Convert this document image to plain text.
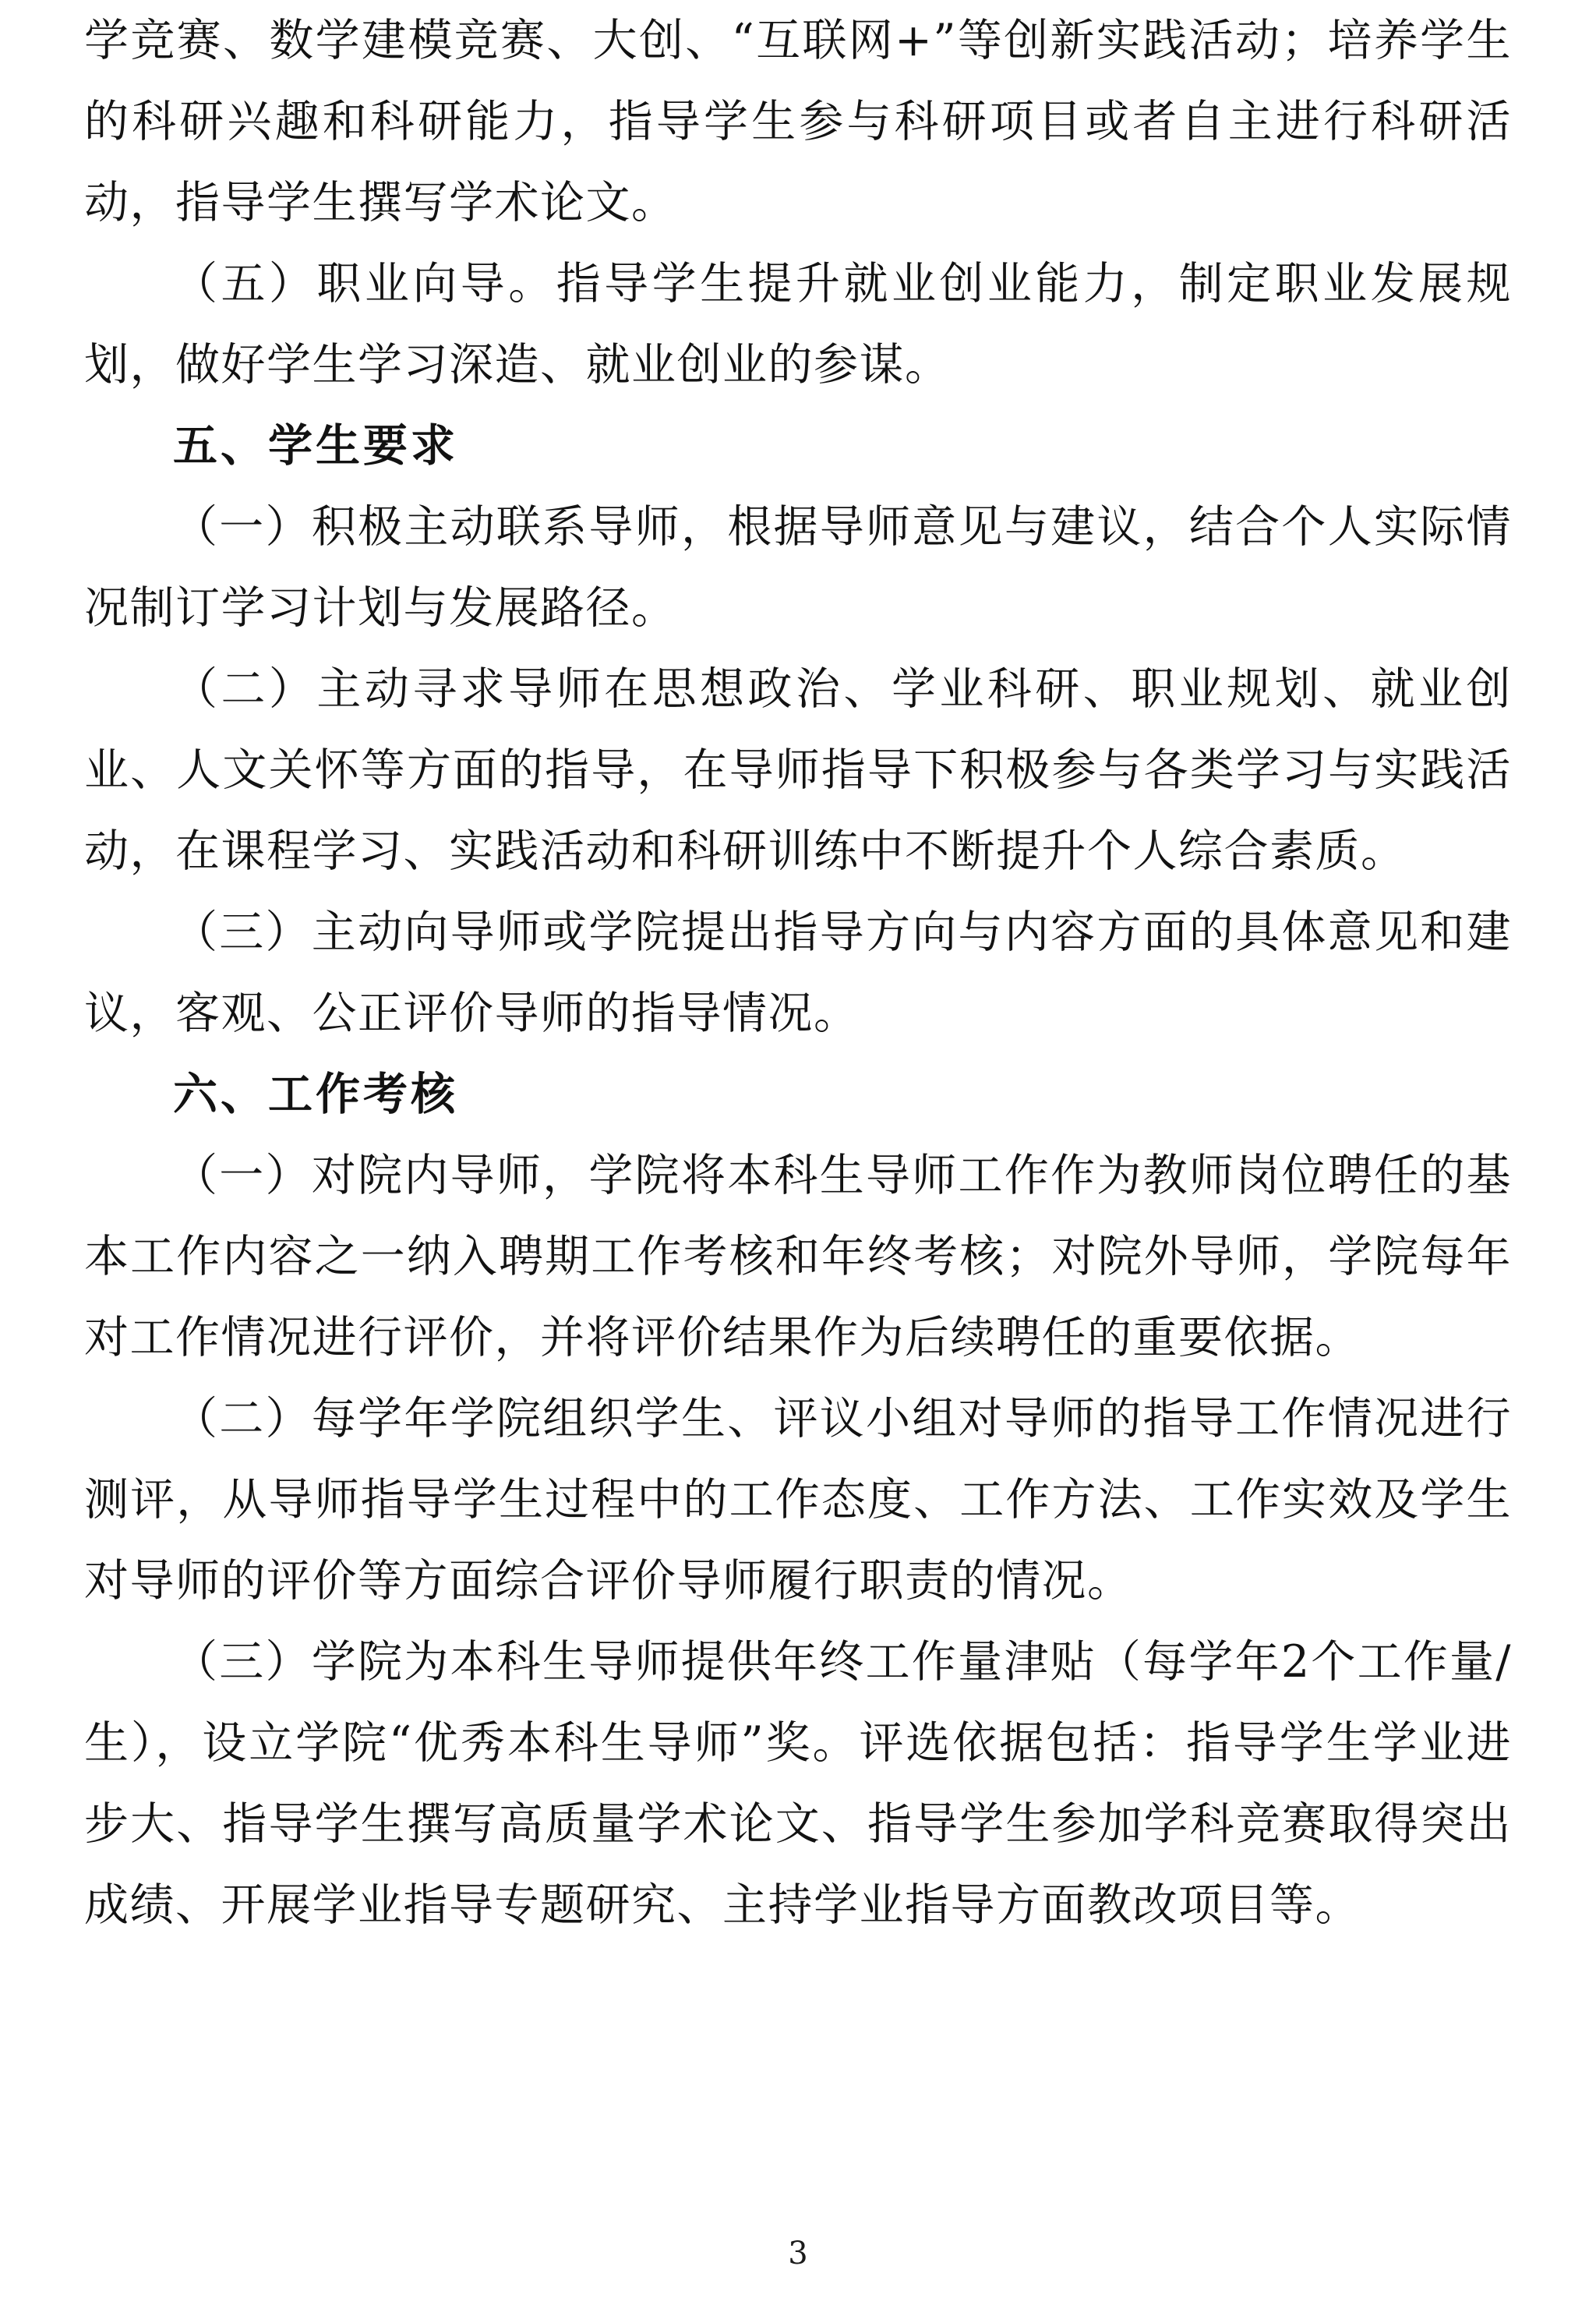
学竞赛、数学建模竞赛、大创、“互联网+”等创新实践活动；培养学生的科研兴趣和科研能力，指导学生参与科研项目或者自主进行科研活动，指导学生撰写学术论文。

（五）职业向导。指导学生提升就业创业能力，制定职业发展规划，做好学生学习深造、就业创业的参谋。

五、学生要求

（一）积极主动联系导师，根据导师意见与建议，结合个人实际情况制订学习计划与发展路径。

（二）主动寻求导师在思想政治、学业科研、职业规划、就业创业、人文关怀等方面的指导，在导师指导下积极参与各类学习与实践活动，在课程学习、实践活动和科研训练中不断提升个人综合素质。

（三）主动向导师或学院提出指导方向与内容方面的具体意见和建议，客观、公正评价导师的指导情况。

六、工作考核

（一）对院内导师，学院将本科生导师工作作为教师岗位聘任的基本工作内容之一纳入聘期工作考核和年终考核；对院外导师，学院每年对工作情况进行评价，并将评价结果作为后续聘任的重要依据。

（二）每学年学院组织学生、评议小组对导师的指导工作情况进行测评，从导师指导学生过程中的工作态度、工作方法、工作实效及学生对导师的评价等方面综合评价导师履行职责的情况。

（三）学院为本科生导师提供年终工作量津贴（每学年2个工作量/生），设立学院“优秀本科生导师”奖。评选依据包括：指导学生学业进步大、指导学生撰写高质量学术论文、指导学生参加学科竞赛取得突出成绩、开展学业指导专题研究、主持学业指导方面教改项目等。

3
